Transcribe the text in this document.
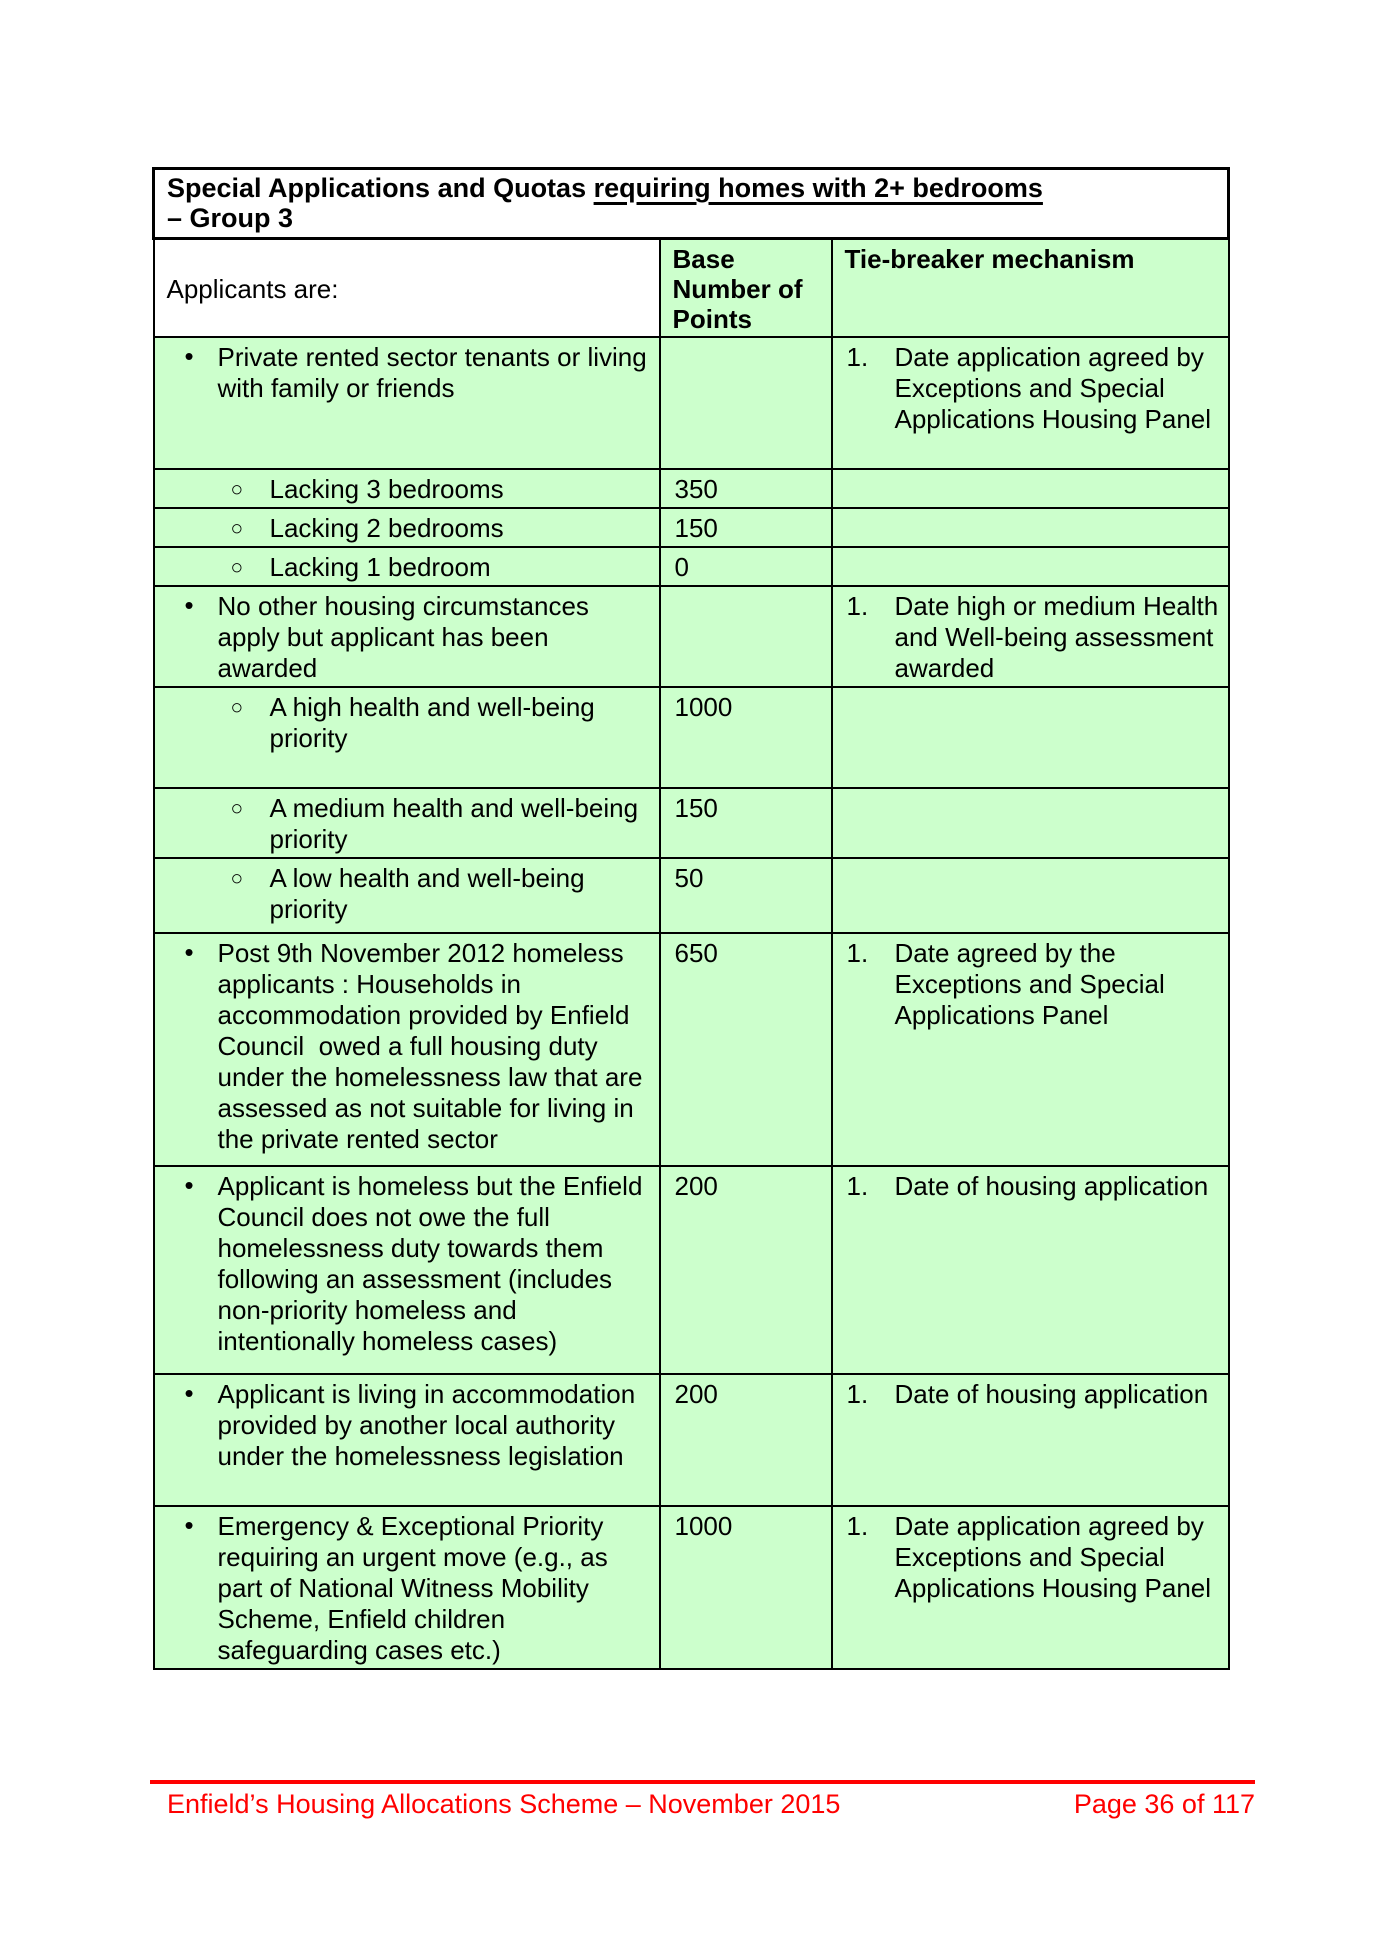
Special Applications and Quotas requiring homes with 2+ bedrooms
– Group 3		

Applicants are:	Base Number of Points	Tie-breaker mechanism

• Private rented sector tenants or living with family or friends		1. Date application agreed by Exceptions and Special Applications Housing Panel

○ Lacking 3 bedrooms	350	

○ Lacking 2 bedrooms	150	

○ Lacking 1 bedroom	0	

• No other housing circumstances apply but applicant has been awarded		1. Date high or medium Health and Well-being assessment awarded

○ A high health and well-being priority	1000	

○ A medium health and well-being priority	150	

○ A low health and well-being priority	50	

• Post 9th November 2012 homeless applicants : Households in accommodation provided by Enfield Council  owed a full housing duty under the homelessness law that are assessed as not suitable for living in the private rented sector	650	1. Date agreed by the Exceptions and Special Applications Panel

• Applicant is homeless but the Enfield  Council does not owe the full homelessness duty towards them following an assessment (includes non-priority homeless and intentionally homeless cases)	200	1. Date of housing application

• Applicant is living in accommodation provided by another local authority under the homelessness legislation	200	1. Date of housing application

• Emergency & Exceptional Priority requiring an urgent move (e.g., as part of National Witness Mobility Scheme, Enfield children safeguarding cases etc.)	1000	1. Date application agreed by Exceptions and Special Applications Housing Panel
Enfield’s Housing Allocations Scheme – November 2015	Page 36 of 117
